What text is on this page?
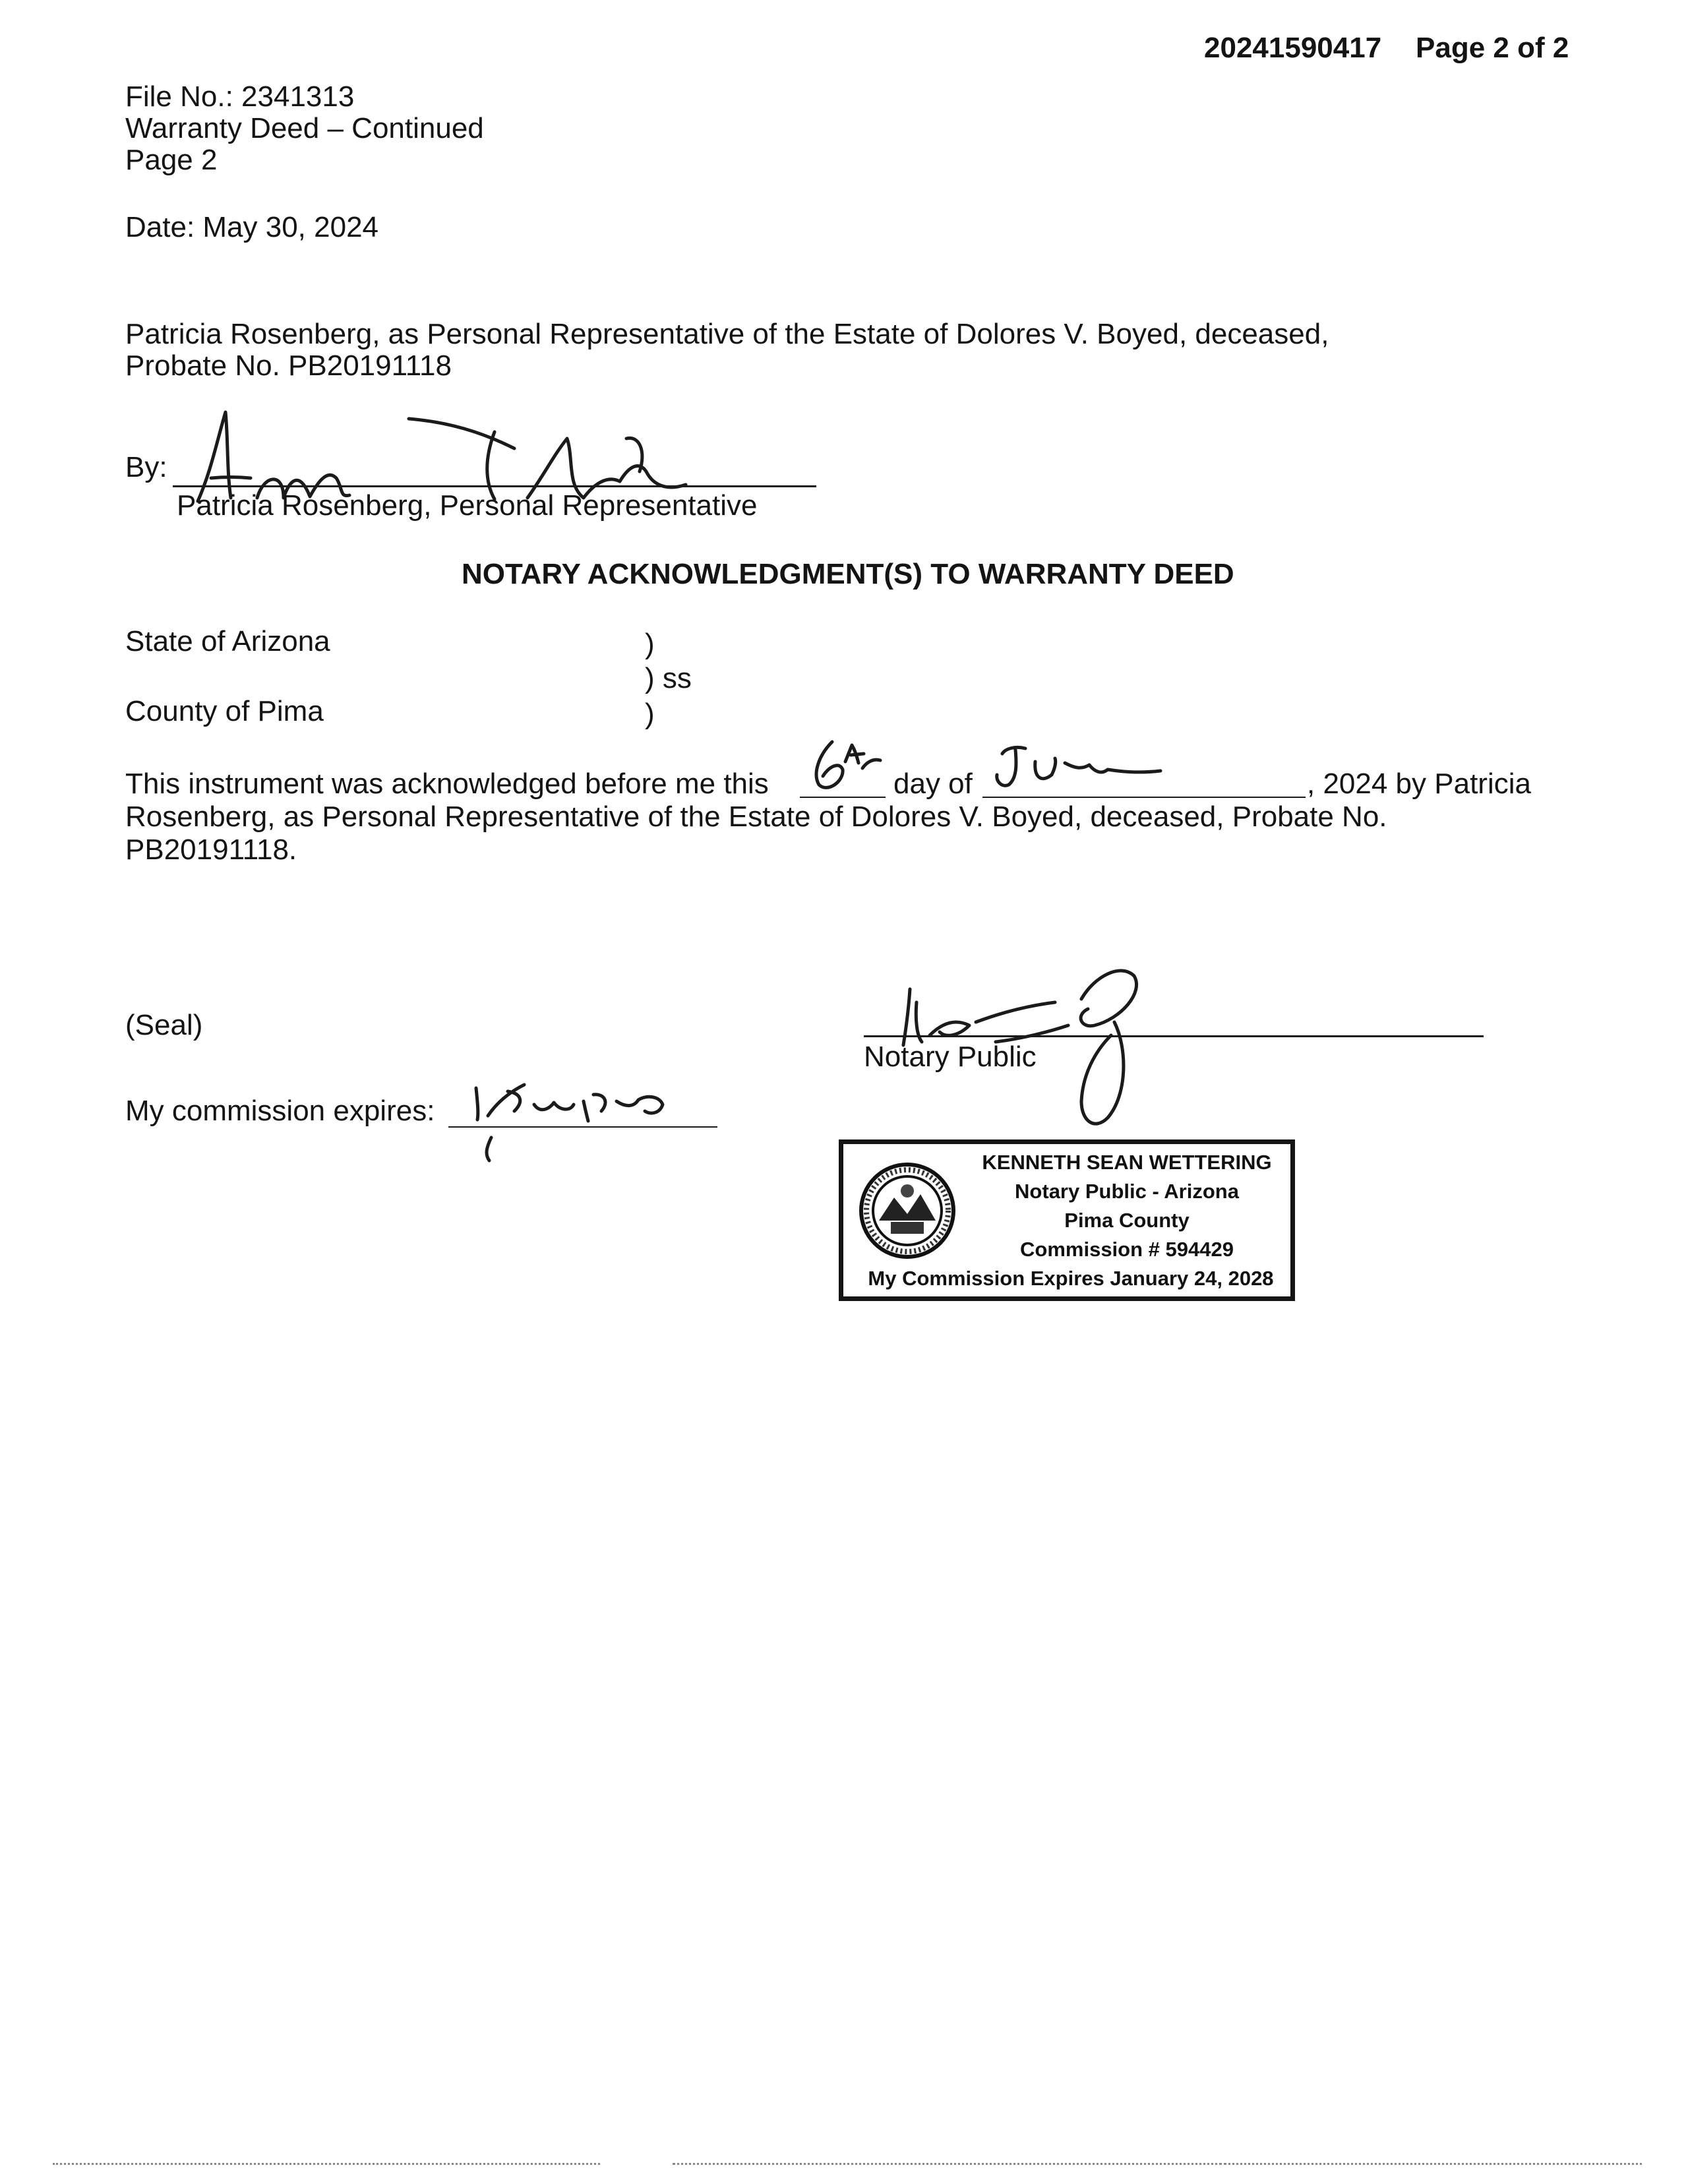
20241590417 Page 2 of 2
File No.: 2341313
Warranty Deed – Continued
Page 2
Date: May 30, 2024
Patricia Rosenberg, as Personal Representative of the Estate of Dolores V. Boyed, deceased,
Probate No. PB20191118
By:
Patricia Rosenberg, Personal Representative
NOTARY ACKNOWLEDGMENT(S) TO WARRANTY DEED
State of Arizona	)
) ss
County of Pima	)
This instrument was acknowledged before me this	day of	, 2024 by Patricia
Rosenberg, as Personal Representative of the Estate of Dolores V. Boyed, deceased, Probate No.
PB20191118.
(Seal)
My commission expires:
Notary Public
KENNETH SEAN WETTERING
Notary Public - Arizona
Pima County
Commission # 594429
My Commission Expires January 24, 2028
